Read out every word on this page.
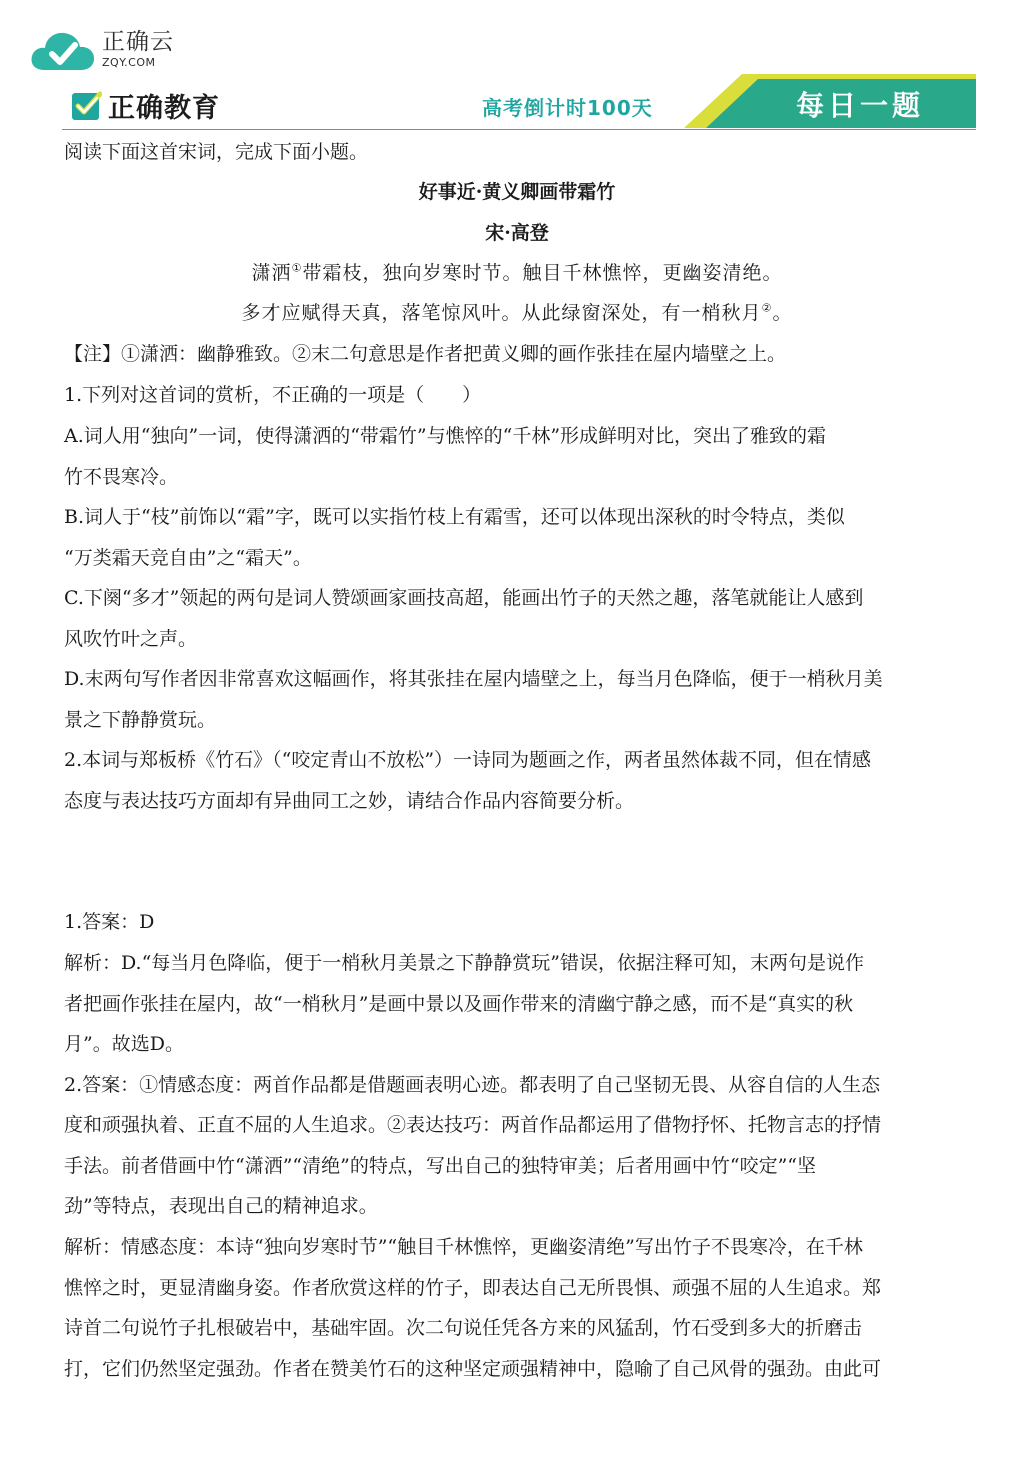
正确云
ZQY.COM
正确教育	高考倒计时100天	每日一题
阅读下面这首宋词，完成下面小题。
好事近·黄义卿画带霜竹
宋·高登
潇洒①带霜枝，独向岁寒时节。触目千林憔悴，更幽姿清绝。
多才应赋得天真，落笔惊风叶。从此绿窗深处，有一梢秋月②。
【注】①潇洒：幽静雅致。②末二句意思是作者把黄义卿的画作张挂在屋内墙壁之上。
1.下列对这首词的赏析，不正确的一项是（　　）
A.词人用“独向”一词，使得潇洒的“带霜竹”与憔悴的“千林”形成鲜明对比，突出了雅致的霜
竹不畏寒冷。
B.词人于“枝”前饰以“霜”字，既可以实指竹枝上有霜雪，还可以体现出深秋的时令特点，类似
“万类霜天竞自由”之“霜天”。
C.下阕“多才”领起的两句是词人赞颂画家画技高超，能画出竹子的天然之趣，落笔就能让人感到
风吹竹叶之声。
D.末两句写作者因非常喜欢这幅画作，将其张挂在屋内墙壁之上，每当月色降临，便于一梢秋月美
景之下静静赏玩。
2.本词与郑板桥《竹石》（“咬定青山不放松”）一诗同为题画之作，两者虽然体裁不同，但在情感
态度与表达技巧方面却有异曲同工之妙，请结合作品内容简要分析。
1.答案：D
解析：D.“每当月色降临，便于一梢秋月美景之下静静赏玩”错误，依据注释可知，末两句是说作
者把画作张挂在屋内，故“一梢秋月”是画中景以及画作带来的清幽宁静之感，而不是“真实的秋
月”。故选D。
2.答案：①情感态度：两首作品都是借题画表明心迹。都表明了自己坚韧无畏、从容自信的人生态
度和顽强执着、正直不屈的人生追求。②表达技巧：两首作品都运用了借物抒怀、托物言志的抒情
手法。前者借画中竹“潇洒”“清绝”的特点，写出自己的独特审美；后者用画中竹“咬定”“坚
劲”等特点，表现出自己的精神追求。
解析：情感态度：本诗“独向岁寒时节”“触目千林憔悴，更幽姿清绝”写出竹子不畏寒冷，在千林
憔悴之时，更显清幽身姿。作者欣赏这样的竹子，即表达自己无所畏惧、顽强不屈的人生追求。郑
诗首二句说竹子扎根破岩中，基础牢固。次二句说任凭各方来的风猛刮，竹石受到多大的折磨击
打，它们仍然坚定强劲。作者在赞美竹石的这种坚定顽强精神中，隐喻了自己风骨的强劲。由此可
